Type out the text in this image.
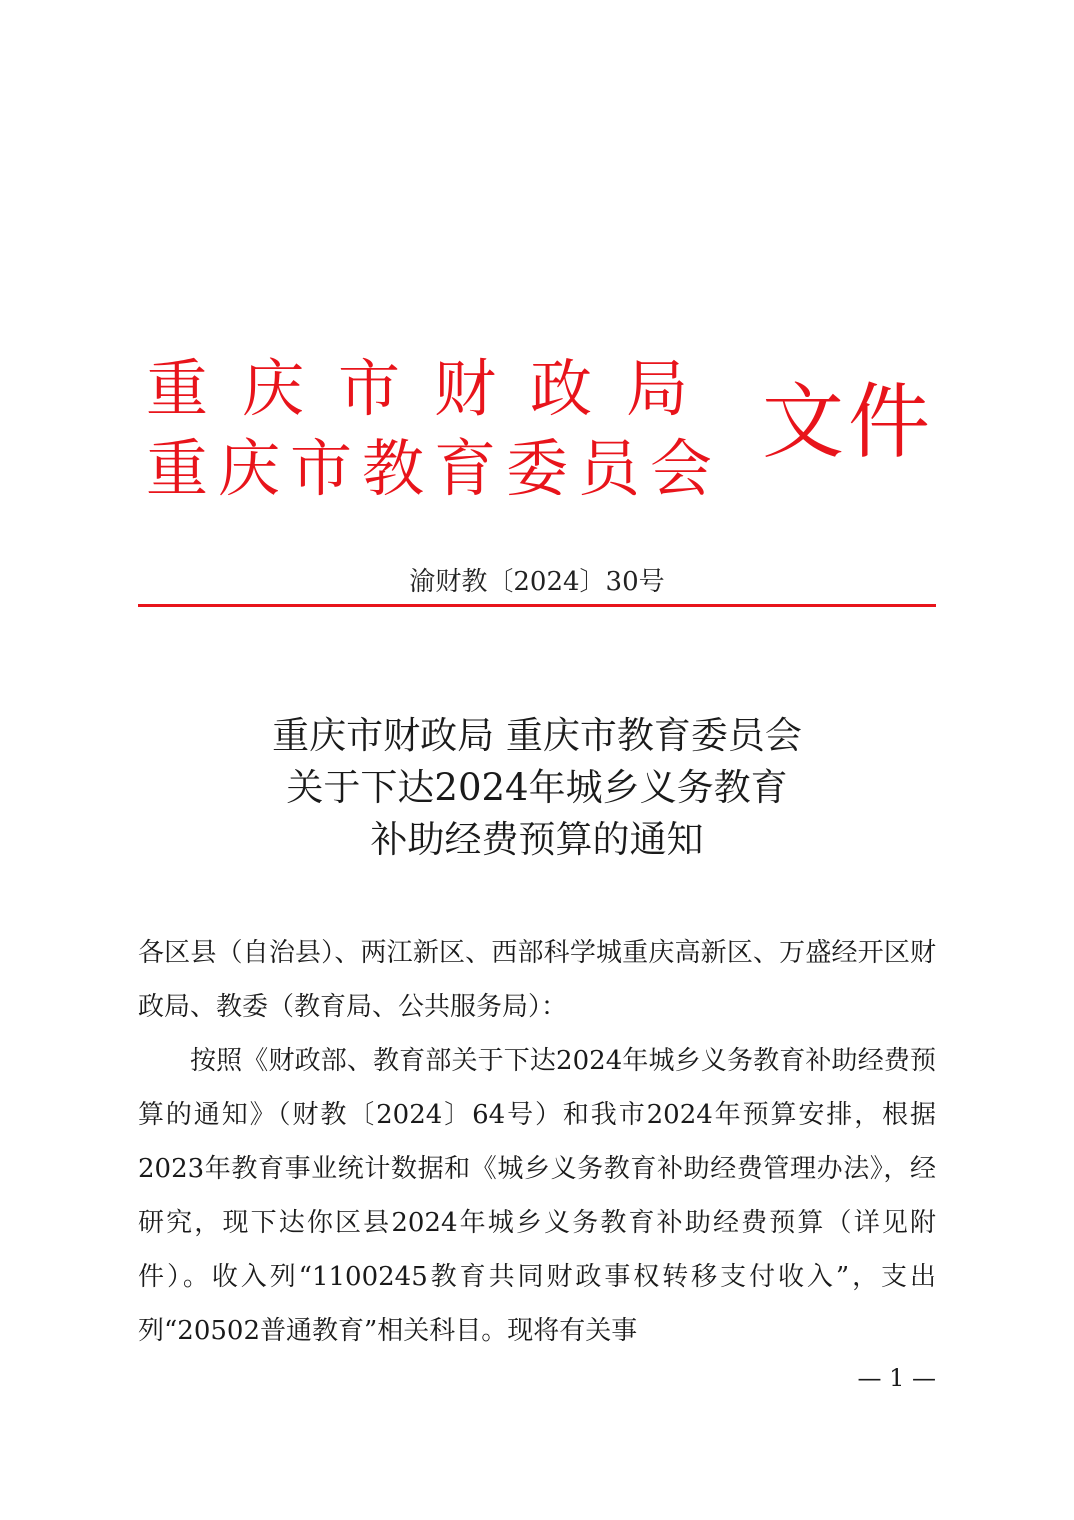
重庆市财政局
重庆市教育委员会 文件
渝财教〔2024〕30号
重庆市财政局 重庆市教育委员会
关于下达2024年城乡义务教育
补助经费预算的通知

各区县（自治县）、两江新区、西部科学城重庆高新区、万盛经开区财政局、教委（教育局、公共服务局）：

按照《财政部、教育部关于下达2024年城乡义务教育补助经费预算的通知》（财教〔2024〕64号）和我市2024年预算安排，根据2023年教育事业统计数据和《城乡义务教育补助经费管理办法》，经研究，现下达你区县2024年城乡义务教育补助经费预算（详见附件）。收入列“1100245教育共同财政事权转移支付收入”，支出列“20502普通教育”相关科目。现将有关事

— 1 —
